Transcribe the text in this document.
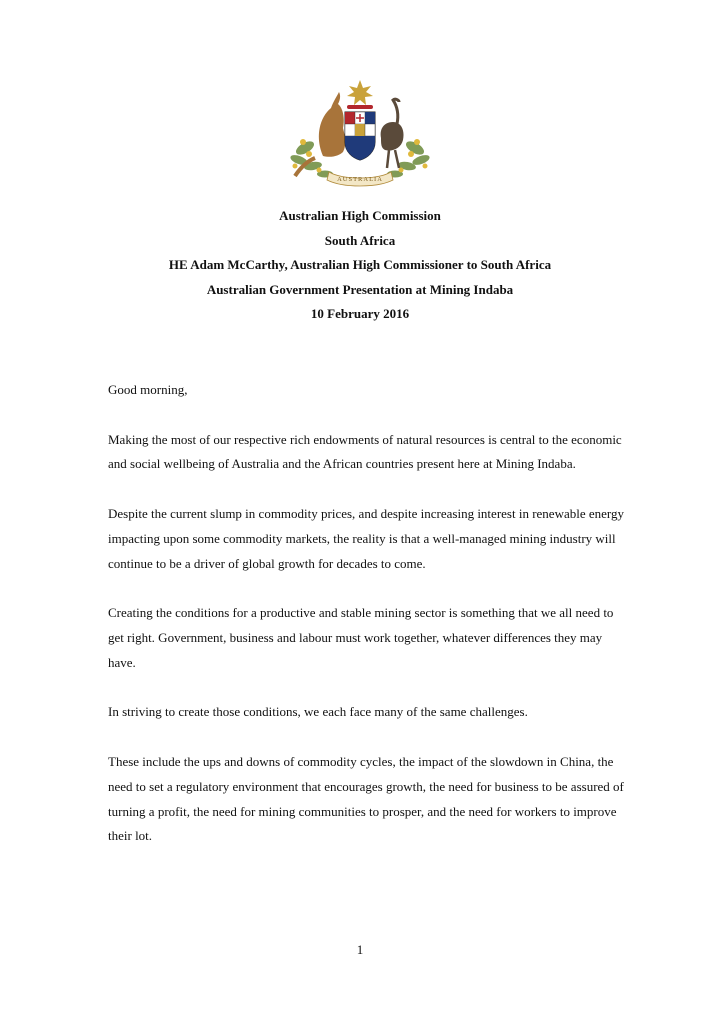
AUSTRALIA
Australian High Commission
South Africa
HE Adam McCarthy, Australian High Commissioner to South Africa
Australian Government Presentation at Mining Indaba
10 February 2016

Good morning,

Making the most of our respective rich endowments of natural resources is central to the economic and social wellbeing of Australia and the African countries present here at Mining Indaba.

Despite the current slump in commodity prices, and despite increasing interest in renewable energy impacting upon some commodity markets, the reality is that a well-managed mining industry will continue to be a driver of global growth for decades to come.

Creating the conditions for a productive and stable mining sector is something that we all need to get right. Government, business and labour must work together, whatever differences they may have.

In striving to create those conditions, we each face many of the same challenges.

These include the ups and downs of commodity cycles, the impact of the slowdown in China, the need to set a regulatory environment that encourages growth, the need for business to be assured of turning a profit, the need for mining communities to prosper, and the need for workers to improve their lot.

1
